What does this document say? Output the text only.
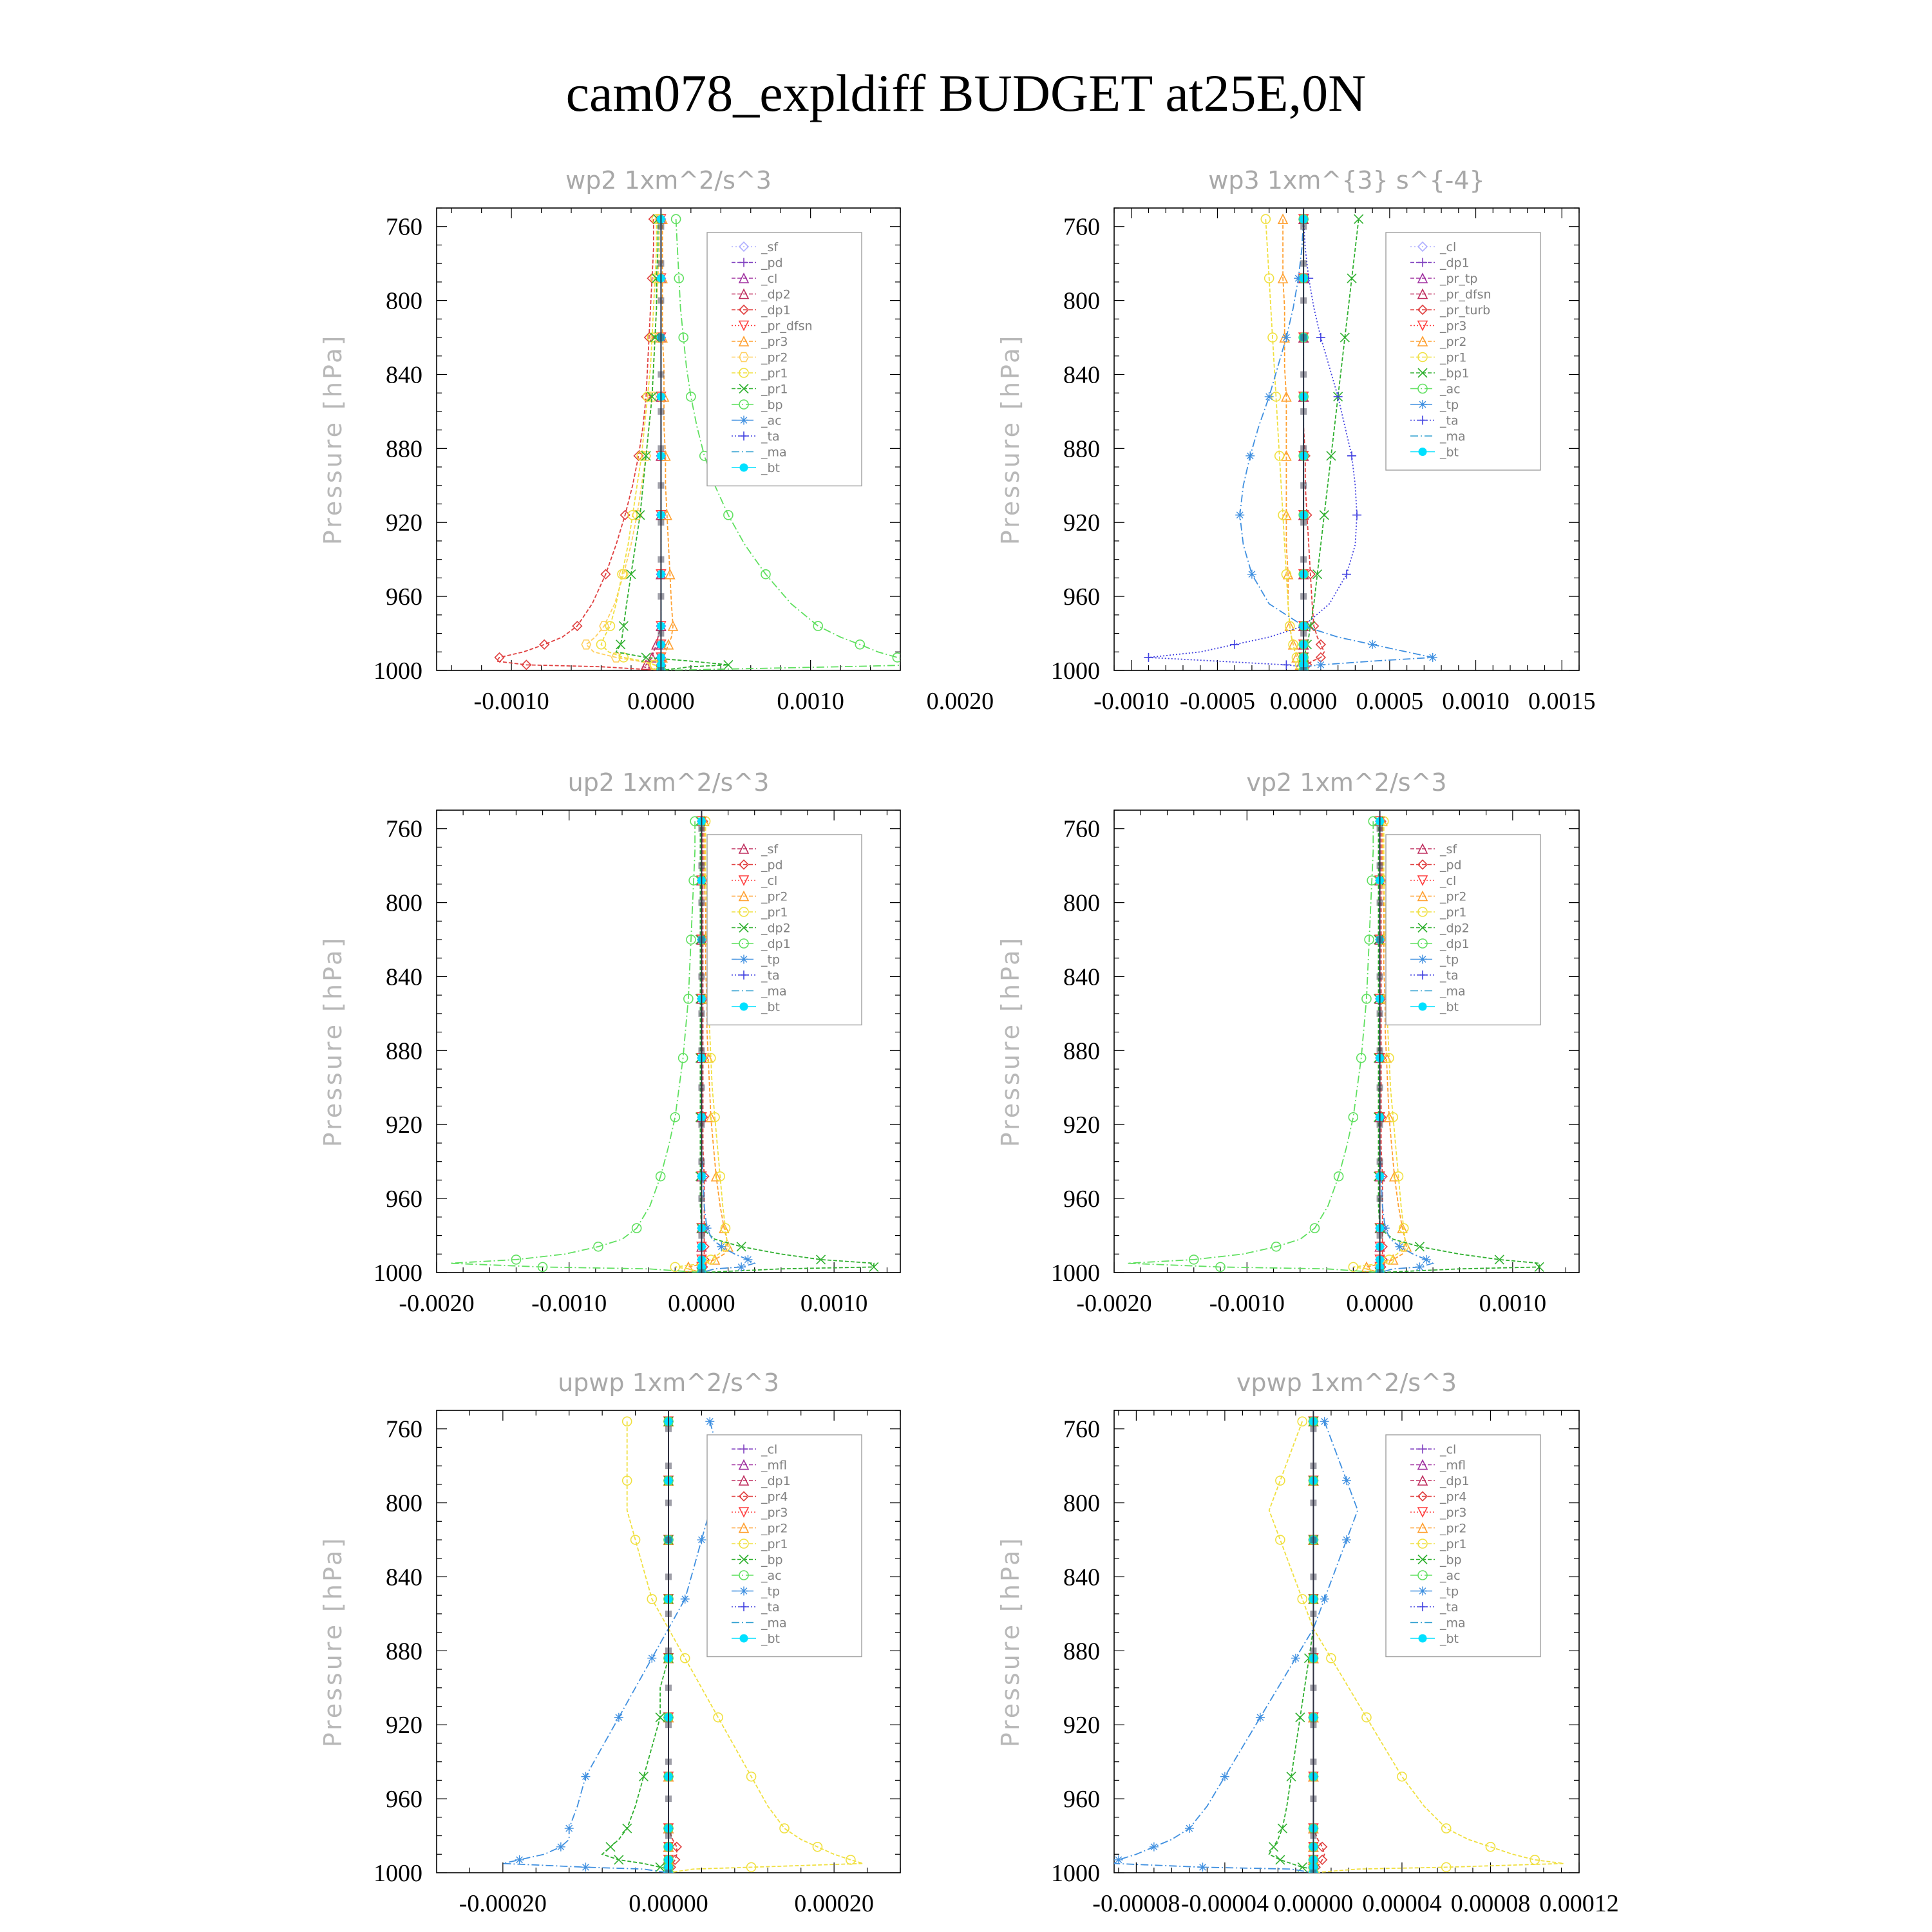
cam078_expldiff BUDGET at25E,0N
760
800
840
880
920
960
1000
-0.0010	0.0000	0.0010	0.0020
wp2 1xm^2/s^3
Pressure [hPa]
_sf
_pd
_cl
_dp2
_dp1
_pr_dfsn
_pr3
_pr2
_pr1
_pr1
_bp
_ac
_ta
_ma
_bt
760
800
840
880
920
960
1000
-0.0010 -0.0005 0.0000 0.0005 0.0010 0.0015
wp3 1xm^{3} s^{-4}
Pressure [hPa]
_cl
_dp1
_pr_tp
_pr_dfsn
_pr_turb
_pr3
_pr2
_pr1
_bp1
_ac
_tp
_ta
_ma
_bt
760
800
840
880
920
960
1000
-0.0020 -0.0010 0.0000	0.0010
up2 1xm^2/s^3
Pressure [hPa]
_sf
_pd
_cl
_pr2
_pr1
_dp2
_dp1
_tp
_ta
_ma
_bt
760
800
840
880
920
960
1000
-0.0020 -0.0010	0.0000	0.0010
vp2 1xm^2/s^3
Pressure [hPa]
_sf
_pd
_cl
_pr2
_pr1
_dp2
_dp1
_tp
_ta
_ma
_bt
760
800
840
880
920
960
1000
-0.00020	0.00000	0.00020
upwp 1xm^2/s^3
Pressure [hPa]
_cl
_mfl
_dp1
_pr4
_pr3
_pr2
_pr1
_bp
_ac
_tp
_ta
_ma
_bt
760
800
840
880
920
960
1000
-0.00008 -0.00004 0.00000 0.00004 0.00008 0.00012
vpwp 1xm^2/s^3
Pressure [hPa]
_cl
_mfl
_dp1
_pr4
_pr3
_pr2
_pr1
_bp
_ac
_tp
_ta
_ma
_bt
